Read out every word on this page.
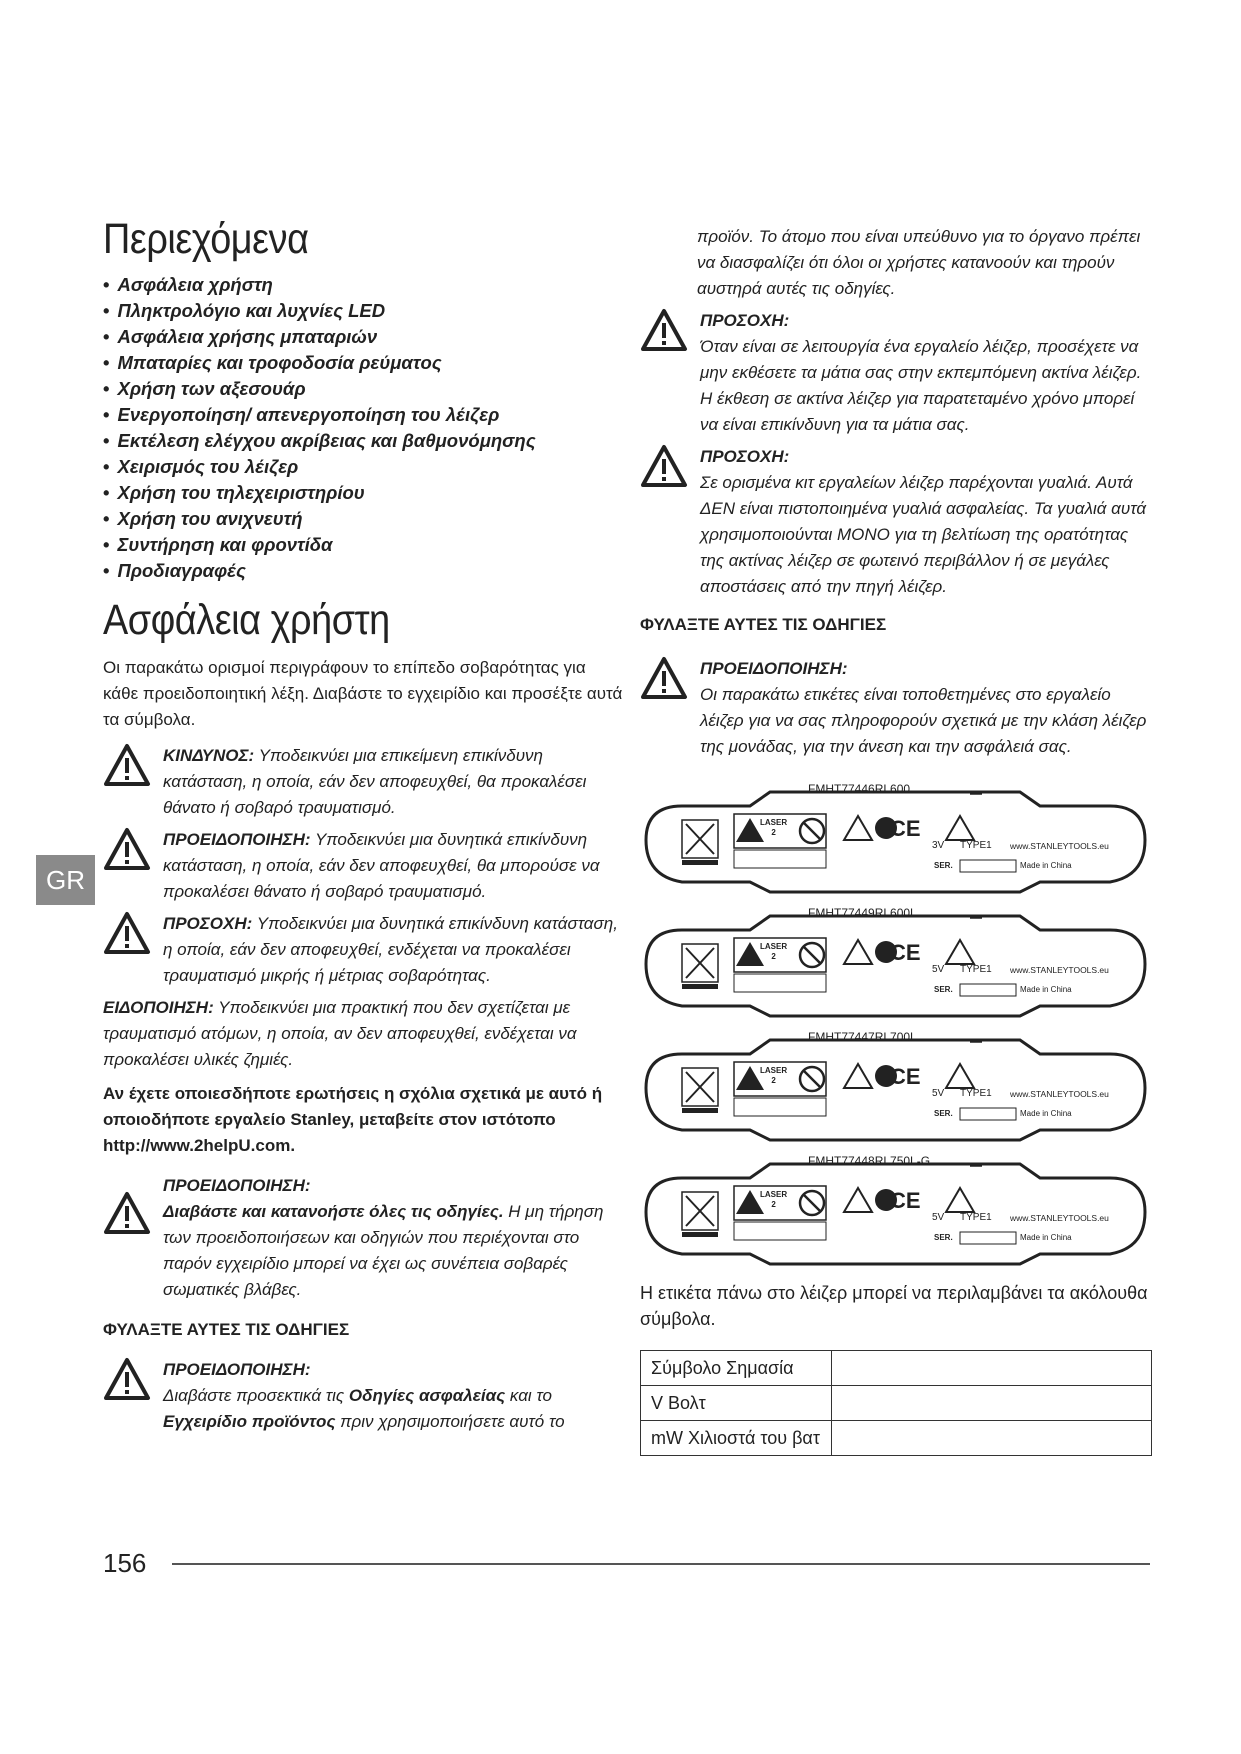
GR
Περιεχόμενα
• Ασφάλεια χρήστη
• Πληκτρολόγιο και λυχνίες LED
• Ασφάλεια χρήσης μπαταριών
• Μπαταρίες και τροφοδοσία ρεύματος
• Χρήση των αξεσουάρ
• Ενεργοποίηση/ απενεργοποίηση του λέιζερ
• Εκτέλεση ελέγχου ακρίβειας και βαθμονόμησης
• Χειρισμός του λέιζερ
• Χρήση του τηλεχειριστηρίου
• Χρήση του ανιχνευτή
• Συντήρηση και φροντίδα
• Προδιαγραφές
Ασφάλεια χρήστη

Οι παρακάτω ορισμοί περιγράφουν το επίπεδο σοβαρότητας για κάθε προειδοποιητική λέξη. Διαβάστε το εγχειρίδιο και προσέξτε αυτά τα σύμβολα.

ΚΙΝΔΥΝΟΣ: Υποδεικνύει μια επικείμενη επικίνδυνη κατάσταση, η οποία, εάν δεν αποφευχθεί, θα προκαλέσει θάνατο ή σοβαρό τραυματισμό.
ΠΡΟΕΙΔΟΠΟΙΗΣΗ: Υποδεικνύει μια δυνητικά επικίνδυνη κατάσταση, η οποία, εάν δεν αποφευχθεί, θα μπορούσε να προκαλέσει θάνατο ή σοβαρό τραυματισμό.
ΠΡΟΣΟΧΗ: Υποδεικνύει μια δυνητικά επικίνδυνη κατάσταση, η οποία, εάν δεν αποφευχθεί, ενδέχεται να προκαλέσει τραυματισμό μικρής ή μέτριας σοβαρότητας.

ΕΙΔΟΠΟΙΗΣΗ: Υποδεικνύει μια πρακτική που δεν σχετίζεται με τραυματισμό ατόμων, η οποία, αν δεν αποφευχθεί, ενδέχεται να προκαλέσει υλικές ζημιές.

Αν έχετε οποιεσδήποτε ερωτήσεις η σχόλια σχετικά με αυτό ή οποιοδήποτε εργαλείο Stanley, μεταβείτε στον ιστότοπο http://www.2helpU.com.

ΠΡΟΕΙΔΟΠΟΙΗΣΗ:
Διαβάστε και κατανοήστε όλες τις οδηγίες. Η μη τήρηση των προειδοποιήσεων και οδηγιών που περιέχονται στο παρόν εγχειρίδιο μπορεί να έχει ως συνέπεια σοβαρές σωματικές βλάβες.

ΦΥΛΑΞΤΕ ΑΥΤΕΣ ΤΙΣ ΟΔΗΓΙΕΣ

ΠΡΟΕΙΔΟΠΟΙΗΣΗ:
Διαβάστε προσεκτικά τις Οδηγίες ασφαλείας και το Εγχειρίδιο προϊόντος πριν χρησιμοποιήσετε αυτό το

προϊόν. Το άτομο που είναι υπεύθυνο για το όργανο πρέπει να διασφαλίζει ότι όλοι οι χρήστες κατανοούν και τηρούν αυστηρά αυτές τις οδηγίες.

ΠΡΟΣΟΧΗ:
Όταν είναι σε λειτουργία ένα εργαλείο λέιζερ, προσέχετε να μην εκθέσετε τα μάτια σας στην εκπεμπόμενη ακτίνα λέιζερ. Η έκθεση σε ακτίνα λέιζερ για παρατεταμένο χρόνο μπορεί να είναι επικίνδυνη για τα μάτια σας.
ΠΡΟΣΟΧΗ:
Σε ορισμένα κιτ εργαλείων λέιζερ παρέχονται γυαλιά. Αυτά ΔΕΝ είναι πιστοποιημένα γυαλιά ασφαλείας. Τα γυαλιά αυτά χρησιμοποιούνται ΜΟΝΟ για τη βελτίωση της ορατότητας της ακτίνας λέιζερ σε φωτεινό περιβάλλον ή σε μεγάλες αποστάσεις από την πηγή λέιζερ.

ΦΥΛΑΞΤΕ ΑΥΤΕΣ ΤΙΣ ΟΔΗΓΙΕΣ

ΠΡΟΕΙΔΟΠΟΙΗΣΗ:
Οι παρακάτω ετικέτες είναι τοποθετημένες στο εργαλείο λέιζερ για να σας πληροφορούν σχετικά με την κλάση λέιζερ της μονάδας, για την άνεση και την ασφάλειά σας.
FMHT77446RL600
LASER
2	CE
3V TYPE1 www.STANLEYTOOLS.eu
SER.	Made in China
FMHT77449RL600L
LASER
2	CE
5V TYPE1 www.STANLEYTOOLS.eu
SER.	Made in China
FMHT77447RL700L
LASER
2	CE
5V TYPE1 www.STANLEYTOOLS.eu
SER.	Made in China
FMHT77448RL750L-G
LASER
2	CE
5V TYPE1 www.STANLEYTOOLS.eu
SER.	Made in China

Η ετικέτα πάνω στο λέιζερ μπορεί να περιλαμβάνει τα ακόλουθα σύμβολα.

Σύμβολο Σημασία	
V Βολτ	
mW Χιλιοστά του βατ	
156
